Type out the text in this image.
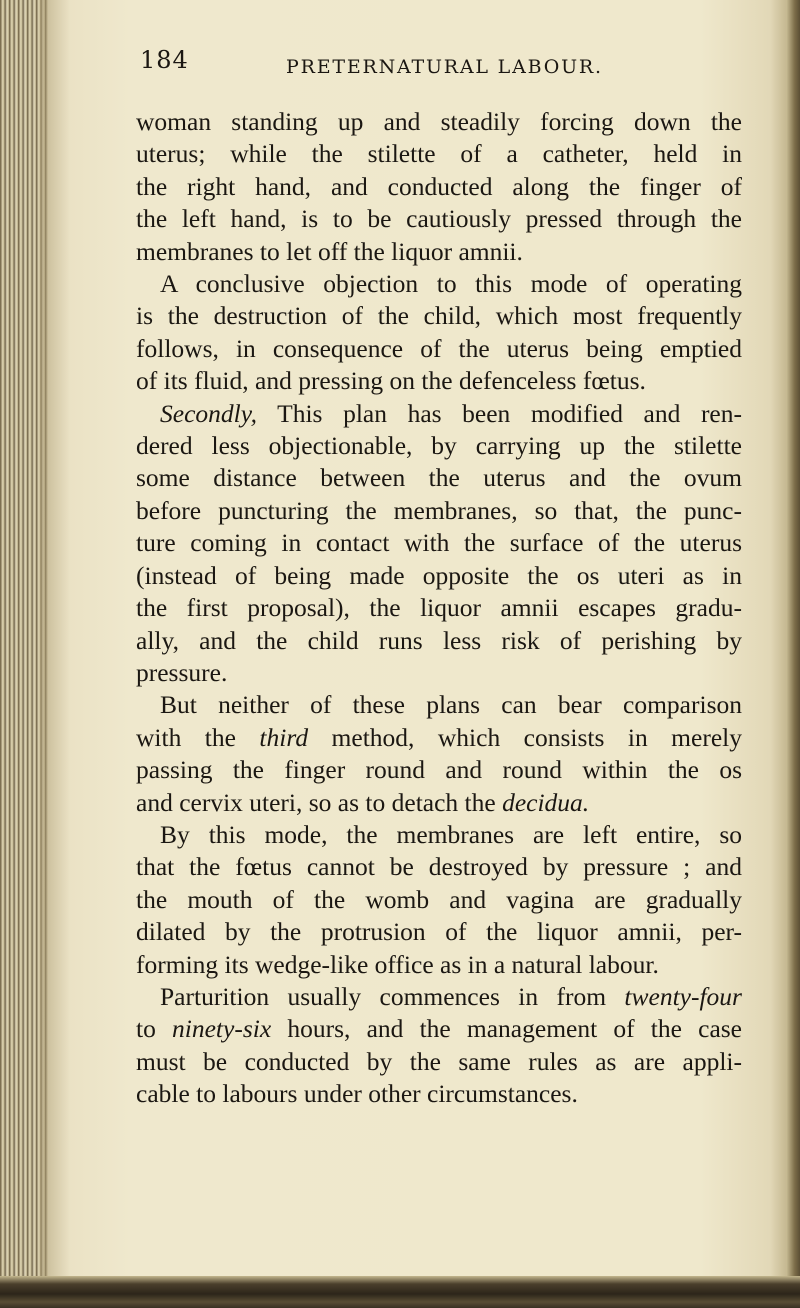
184	PRETERNATURAL LABOUR.

woman standing up and steadily forcing down the
uterus; while the stilette of a catheter, held in
the right hand, and conducted along the finger of
the left hand, is to be cautiously pressed through the
membranes to let off the liquor amnii.

A conclusive objection to this mode of operating
is the destruction of the child, which most frequently
follows, in consequence of the uterus being emptied
of its fluid, and pressing on the defenceless fœtus.

Secondly, This plan has been modified and ren-
dered less objectionable, by carrying up the stilette
some distance between the uterus and the ovum
before puncturing the membranes, so that, the punc-
ture coming in contact with the surface of the uterus
(instead of being made opposite the os uteri as in
the first proposal), the liquor amnii escapes gradu-
ally, and the child runs less risk of perishing by
pressure.

But neither of these plans can bear comparison
with the third method, which consists in merely
passing the finger round and round within the os
and cervix uteri, so as to detach the decidua.

By this mode, the membranes are left entire, so
that the fœtus cannot be destroyed by pressure ; and
the mouth of the womb and vagina are gradually
dilated by the protrusion of the liquor amnii, per-
forming its wedge-like office as in a natural labour.

Parturition usually commences in from twenty-four
to ninety-six hours, and the management of the case
must be conducted by the same rules as are appli-
cable to labours under other circumstances.
